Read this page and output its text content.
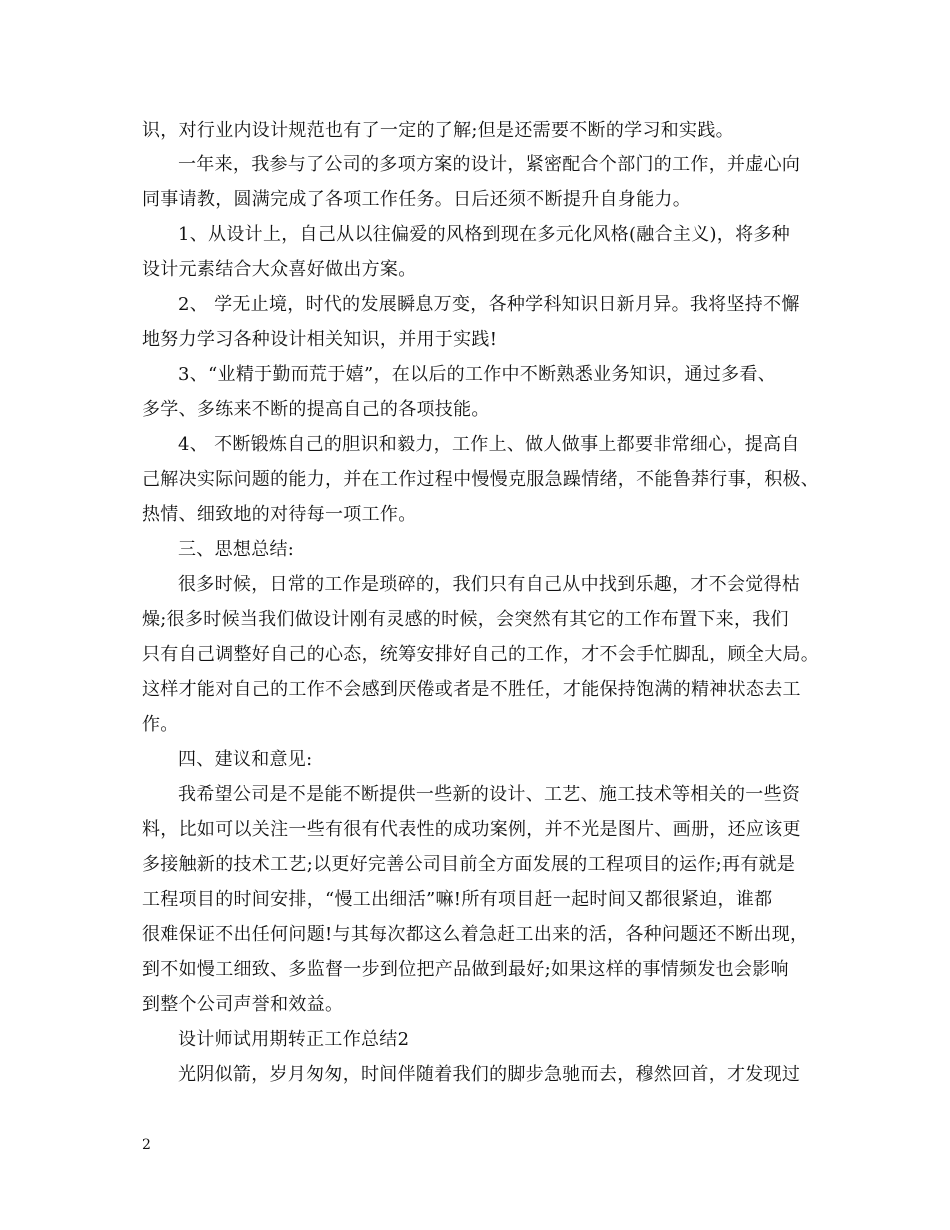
识，对行业内设计规范也有了一定的了解;但是还需要不断的学习和实践。
一年来，我参与了公司的多项方案的设计，紧密配合个部门的工作，并虚心向
同事请教，圆满完成了各项工作任务。日后还须不断提升自身能力。
1、从设计上，自己从以往偏爱的风格到现在多元化风格(融合主义)，将多种
设计元素结合大众喜好做出方案。
2、 学无止境，时代的发展瞬息万变，各种学科知识日新月异。我将坚持不懈
地努力学习各种设计相关知识，并用于实践!
3、“业精于勤而荒于嬉”，在以后的工作中不断熟悉业务知识，通过多看、
多学、多练来不断的提高自己的各项技能。
4、 不断锻炼自己的胆识和毅力，工作上、做人做事上都要非常细心，提高自
己解决实际问题的能力，并在工作过程中慢慢克服急躁情绪，不能鲁莽行事，积极、
热情、细致地的对待每一项工作。
三、思想总结:
很多时候，日常的工作是琐碎的，我们只有自己从中找到乐趣，才不会觉得枯
燥;很多时候当我们做设计刚有灵感的时候，会突然有其它的工作布置下来，我们
只有自己调整好自己的心态，统筹安排好自己的工作，才不会手忙脚乱，顾全大局。
这样才能对自己的工作不会感到厌倦或者是不胜任，才能保持饱满的精神状态去工
作。
四、建议和意见:
我希望公司是不是能不断提供一些新的设计、工艺、施工技术等相关的一些资
料，比如可以关注一些有很有代表性的成功案例，并不光是图片、画册，还应该更
多接触新的技术工艺;以更好完善公司目前全方面发展的工程项目的运作;再有就是
工程项目的时间安排，“慢工出细活”嘛!所有项目赶一起时间又都很紧迫，谁都
很难保证不出任何问题!与其每次都这么着急赶工出来的活，各种问题还不断出现，
到不如慢工细致、多监督一步到位把产品做到最好;如果这样的事情频发也会影响
到整个公司声誉和效益。
设计师试用期转正工作总结2
光阴似箭，岁月匆匆，时间伴随着我们的脚步急驰而去，穆然回首，才发现过
2
